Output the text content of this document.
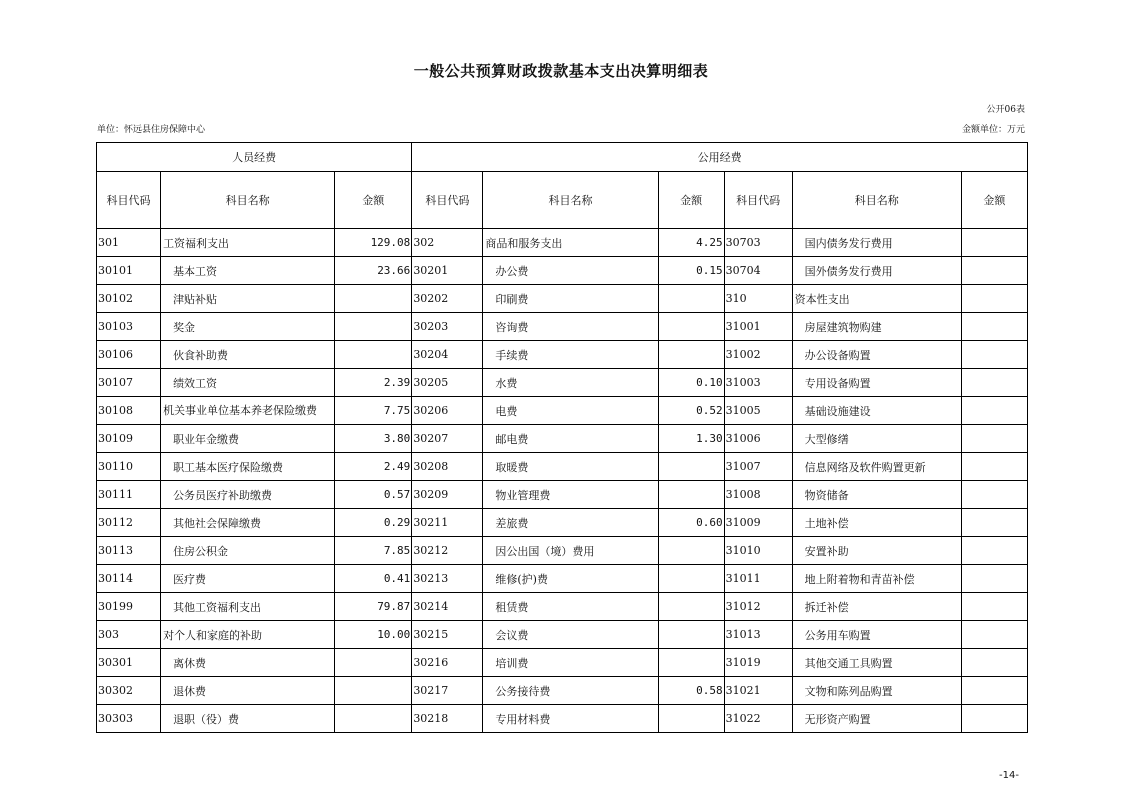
一般公共预算财政拨款基本支出决算明细表
公开06表
单位：怀远县住房保障中心	金额单位：万元
人员经费			公用经费					
科目代码	科目名称	金额	科目代码	科目名称	金额	科目代码	科目名称	金额
301	工资福利支出	129.08	302	商品和服务支出	4.25	30703	国内债务发行费用	
30101	基本工资	23.66	30201	办公费	0.15	30704	国外债务发行费用	
30102	津贴补贴		30202	印刷费		310	资本性支出	
30103	奖金		30203	咨询费		31001	房屋建筑物购建	
30106	伙食补助费		30204	手续费		31002	办公设备购置	
30107	绩效工资	2.39	30205	水费	0.10	31003	专用设备购置	
30108	机关事业单位基本养老保险缴费	7.75	30206	电费	0.52	31005	基础设施建设	
30109	职业年金缴费	3.80	30207	邮电费	1.30	31006	大型修缮	
30110	职工基本医疗保险缴费	2.49	30208	取暖费		31007	信息网络及软件购置更新	
30111	公务员医疗补助缴费	0.57	30209	物业管理费		31008	物资储备	
30112	其他社会保障缴费	0.29	30211	差旅费	0.60	31009	土地补偿	
30113	住房公积金	7.85	30212	因公出国（境）费用		31010	安置补助	
30114	医疗费	0.41	30213	维修(护)费		31011	地上附着物和青苗补偿	
30199	其他工资福利支出	79.87	30214	租赁费		31012	拆迁补偿	
303	对个人和家庭的补助	10.00	30215	会议费		31013	公务用车购置	
30301	离休费		30216	培训费		31019	其他交通工具购置	
30302	退休费		30217	公务接待费	0.58	31021	文物和陈列品购置	
30303	退职（役）费		30218	专用材料费		31022	无形资产购置	
-14-
